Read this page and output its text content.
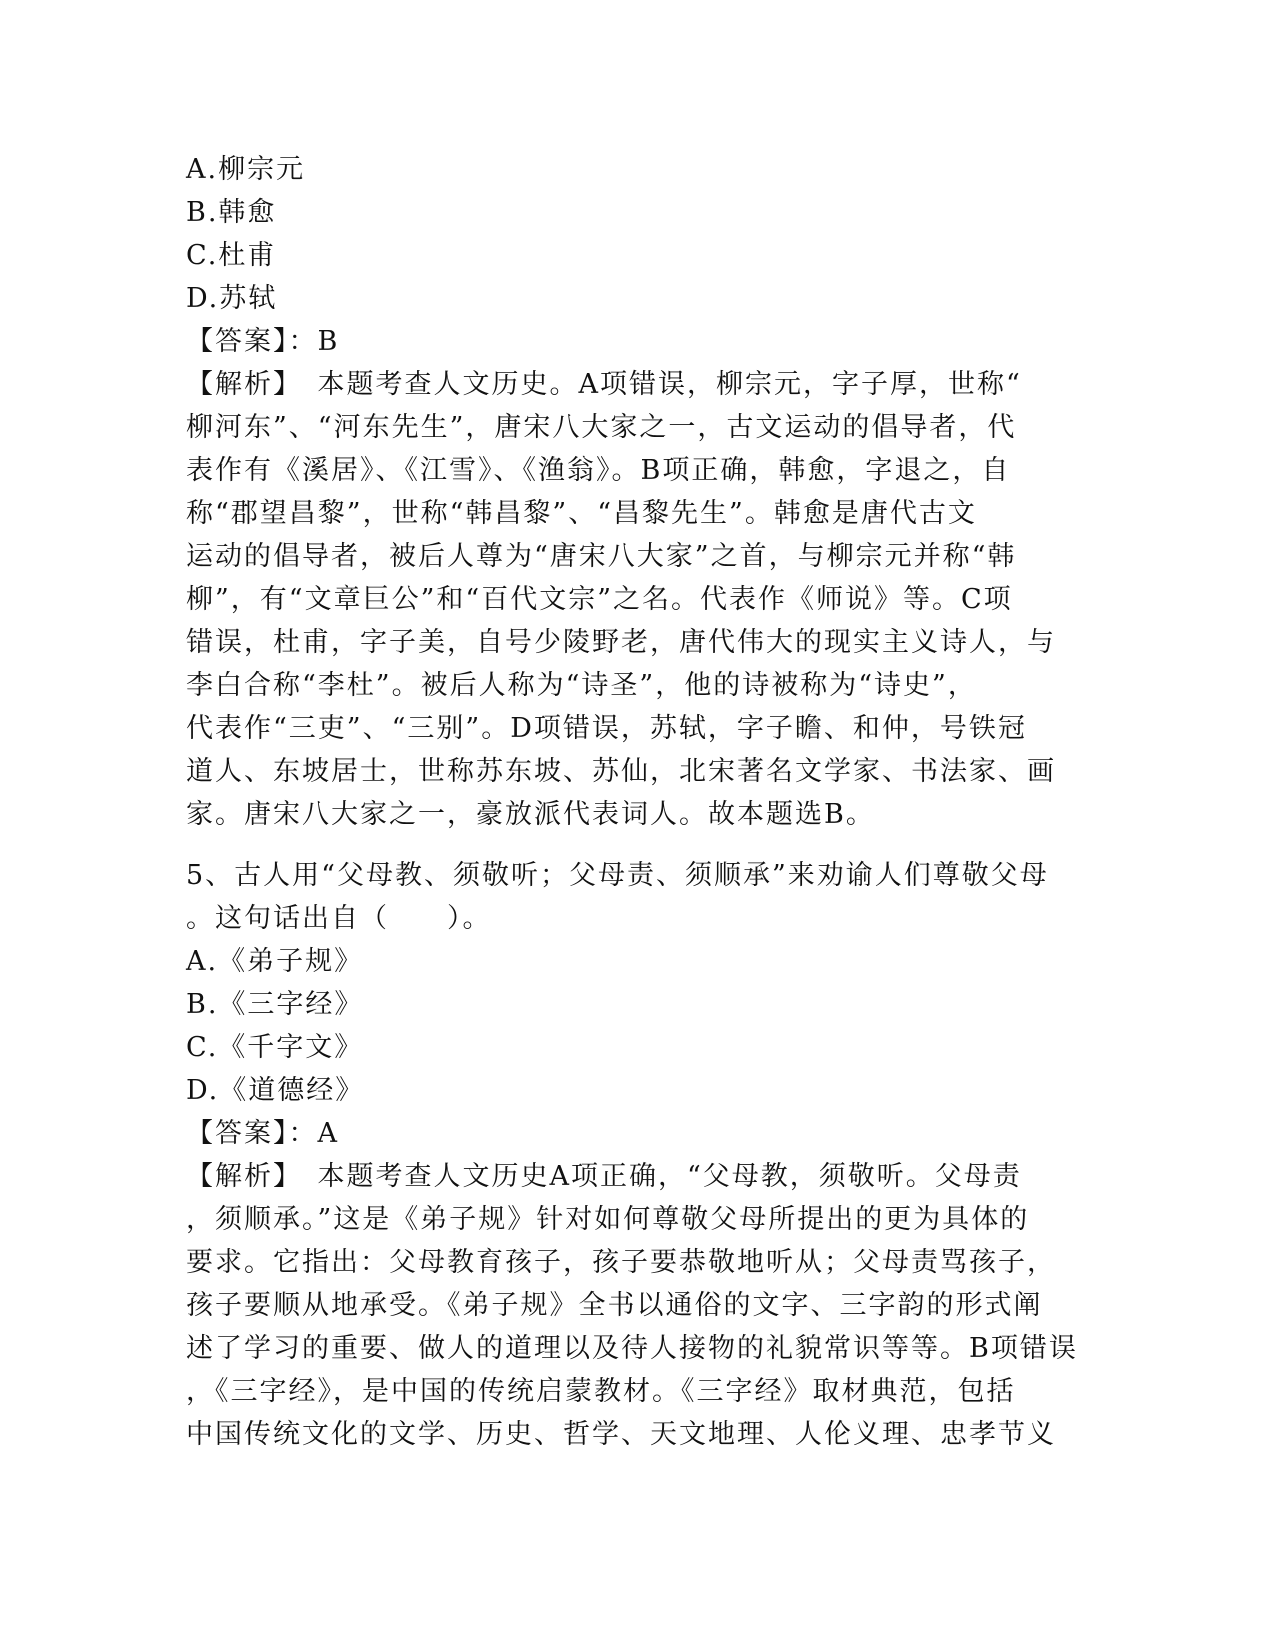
A.柳宗元
B.韩愈
C.杜甫
D.苏轼
【答案】：B
【解析】　本题考查人文历史。A项错误，柳宗元，字子厚，世称“
柳河东”、“河东先生”，唐宋八大家之一，古文运动的倡导者，代
表作有《溪居》、《江雪》、《渔翁》。B项正确，韩愈，字退之，自
称“郡望昌黎”，世称“韩昌黎”、“昌黎先生”。韩愈是唐代古文
运动的倡导者，被后人尊为“唐宋八大家”之首，与柳宗元并称“韩
柳”，有“文章巨公”和“百代文宗”之名。代表作《师说》等。C项
错误，杜甫，字子美，自号少陵野老，唐代伟大的现实主义诗人，与
李白合称“李杜”。被后人称为“诗圣”，他的诗被称为“诗史”，
代表作“三吏”、“三别”。D项错误，苏轼，字子瞻、和仲，号铁冠
道人、东坡居士，世称苏东坡、苏仙，北宋著名文学家、书法家、画
家。唐宋八大家之一，豪放派代表词人。故本题选B。
5、古人用“父母教、须敬听；父母责、须顺承”来劝谕人们尊敬父母
。这句话出自（　　）。
A.《弟子规》
B.《三字经》
C.《千字文》
D.《道德经》
【答案】：A
【解析】　本题考查人文历史A项正确，“父母教，须敬听。父母责
，须顺承。”这是《弟子规》针对如何尊敬父母所提出的更为具体的
要求。它指出：父母教育孩子，孩子要恭敬地听从；父母责骂孩子，
孩子要顺从地承受。《弟子规》全书以通俗的文字、三字韵的形式阐
述了学习的重要、做人的道理以及待人接物的礼貌常识等等。B项错误
，《三字经》，是中国的传统启蒙教材。《三字经》取材典范，包括
中国传统文化的文学、历史、哲学、天文地理、人伦义理、忠孝节义
